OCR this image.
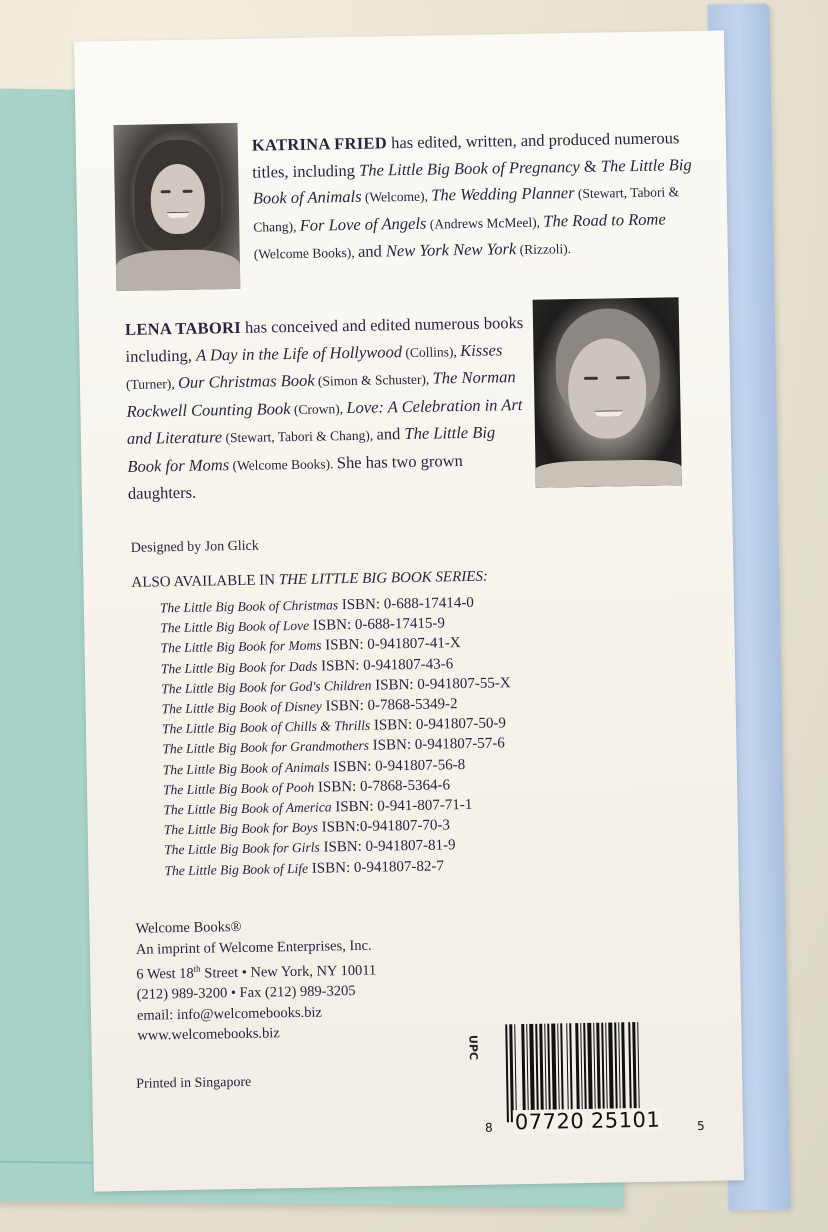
KATRINA FRIED has edited, written, and produced numerous titles, including The Little Big Book of Pregnancy & The Little Big Book of Animals (Welcome), The Wedding Planner (Stewart, Tabori & Chang), For Love of Angels (Andrews McMeel), The Road to Rome (Welcome Books), and New York New York (Rizzoli).
LENA TABORI has conceived and edited numerous books including, A Day in the Life of Hollywood (Collins), Kisses (Turner), Our Christmas Book (Simon & Schuster), The Norman Rockwell Counting Book (Crown), Love: A Celebration in Art and Literature (Stewart, Tabori & Chang), and The Little Big Book for Moms (Welcome Books). She has two grown daughters.
Designed by Jon Glick
ALSO AVAILABLE IN THE LITTLE BIG BOOK SERIES:
The Little Big Book of Christmas ISBN: 0-688-17414-0
The Little Big Book of Love ISBN: 0-688-17415-9
The Little Big Book for Moms ISBN: 0-941807-41-X
The Little Big Book for Dads ISBN: 0-941807-43-6
The Little Big Book for God's Children ISBN: 0-941807-55-X
The Little Big Book of Disney ISBN: 0-7868-5349-2
The Little Big Book of Chills & Thrills ISBN: 0-941807-50-9
The Little Big Book for Grandmothers ISBN: 0-941807-57-6
The Little Big Book of Animals ISBN: 0-941807-56-8
The Little Big Book of Pooh ISBN: 0-7868-5364-6
The Little Big Book of America ISBN: 0-941-807-71-1
The Little Big Book for Boys ISBN:0-941807-70-3
The Little Big Book for Girls ISBN: 0-941807-81-9
The Little Big Book of Life ISBN: 0-941807-82-7
Welcome Books®
An imprint of Welcome Enterprises, Inc.
6 West 18th Street • New York, NY 10011
(212) 989-3200 • Fax (212) 989-3205
email: info@welcomebooks.biz
www.welcomebooks.biz
Printed in Singapore
UPC
8 07720 25101	5
